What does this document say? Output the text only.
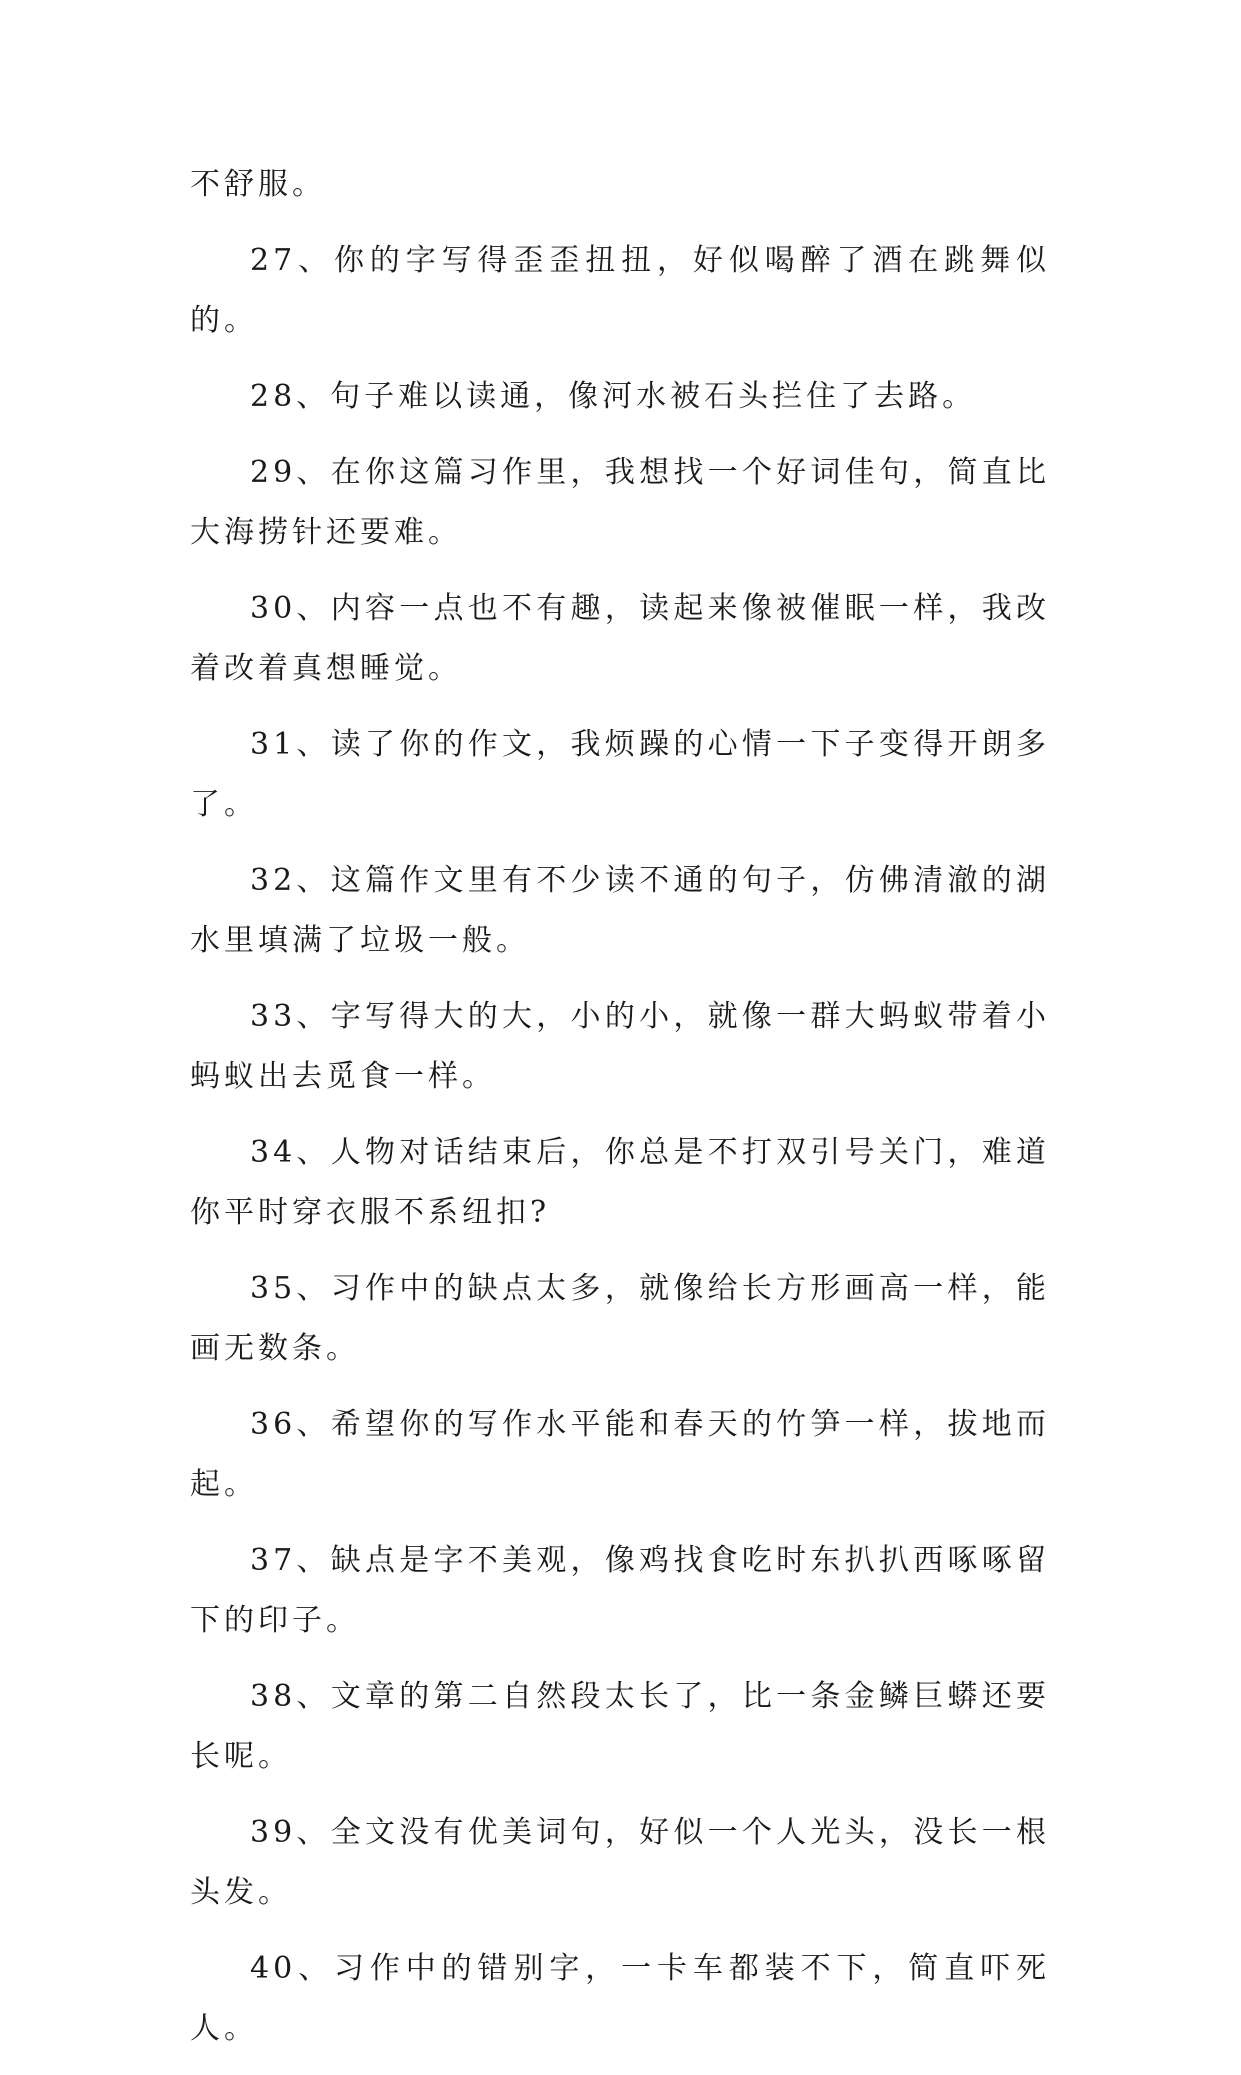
不舒服。

27、你的字写得歪歪扭扭，好似喝醉了酒在跳舞似的。

28、句子难以读通，像河水被石头拦住了去路。

29、在你这篇习作里，我想找一个好词佳句，简直比大海捞针还要难。

30、内容一点也不有趣，读起来像被催眠一样，我改着改着真想睡觉。

31、读了你的作文，我烦躁的心情一下子变得开朗多了。

32、这篇作文里有不少读不通的句子，仿佛清澈的湖水里填满了垃圾一般。

33、字写得大的大，小的小，就像一群大蚂蚁带着小蚂蚁出去觅食一样。

34、人物对话结束后，你总是不打双引号关门，难道你平时穿衣服不系纽扣?

35、习作中的缺点太多，就像给长方形画高一样，能画无数条。

36、希望你的写作水平能和春天的竹笋一样，拔地而起。

37、缺点是字不美观，像鸡找食吃时东扒扒西啄啄留下的印子。

38、文章的第二自然段太长了，比一条金鳞巨蟒还要长呢。

39、全文没有优美词句，好似一个人光头，没长一根头发。

40、习作中的错别字，一卡车都装不下，简直吓死人。
